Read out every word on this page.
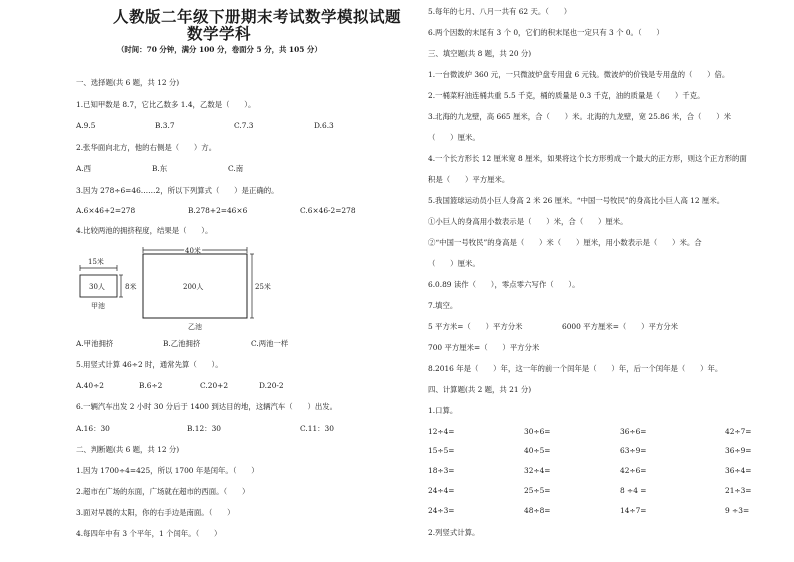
人教版二年级下册期末考试数学模拟试题
数学学科
（时间：70 分钟，满分 100 分，卷面分 5 分，共 105 分）
一、选择题(共 6 题，共 12 分)
1.已知甲数是 8.7，它比乙数多 1.4，乙数是（　　）。
A.9.5	B.3.7	C.7.3	D.6.3
2.张华面向北方，他的右侧是（　　）方。
A.西	B.东	C.南
3.因为 278÷6=46……2，所以下列算式（　　）是正确的。
A.6×46+2=278	B.278+2=46×6	C.6×46-2=278
4.比较两池的拥挤程度，结果是（　　）。
15米
30人	8米
甲池
40米
200人	25米
乙池
A.甲池拥挤	B.乙池拥挤	C.两池一样
5.用竖式计算 46÷2 时，通常先算（　　）。
A.40÷2	B.6÷2	C.20+2	D.20-2
6.一辆汽车出发 2 小时 30 分后于 1400 到达目的地，这辆汽车（　　）出发。
A.16：30	B.12：30	C.11：30
二、判断题(共 6 题，共 12 分)
1.因为 1700÷4=425，所以 1700 年是闰年。（　　）
2.超市在广场的东面，广场就在超市的西面。（　　）
3.面对早晨的太阳，你的右手边是南面。（　　）
4.每四年中有 3 个平年，1 个闰年。（　　）
5.每年的七月、八月一共有 62 天。（　　）
6.两个因数的末尾有 3 个 0，它们的积末尾也一定只有 3 个 0。（　　）
三、填空题(共 8 题，共 20 分)
1.一台微波炉 360 元，一只微波炉盘专用盘 6 元钱。微波炉的价钱是专用盘的（　　）倍。
2.一桶菜籽油连桶共重 5.5 千克，桶的质量是 0.3 千克，油的质量是（　　）千克。
3.北海的九龙壁，高 665 厘米，合（　　）米。北海的九龙壁，宽 25.86 米，合（　　）米
（　　）厘米。
4.一个长方形长 12 厘米宽 8 厘米，如果将这个长方形剪成一个最大的正方形，则这个正方形的面
积是（　　）平方厘米。
5.我国篮球运动员小巨人身高 2 米 26 厘米。“中国一号牧民”的身高比小巨人高 12 厘米。
①小巨人的身高用小数表示是（　　）米，合（　　）厘米。
②“中国一号牧民”的身高是（　　）米（　　）厘米，用小数表示是（　　）米。合
（　　）厘米。
6.0.89 读作（　　），零点零六写作（　　）。
7.填空。
5 平方米=（　　）平方分米	6000 平方厘米=（　　）平方分米
700 平方厘米=（　　）平方分米
8.2016 年是（　　）年，这一年的前一个闰年是（　　）年，后一个闰年是（　　）年。
四、计算题(共 2 题，共 21 分)
1.口算。
12÷4=	30÷6=	36÷6=	42÷7=
15÷5=	40÷5=	63÷9=	36÷9=
18÷3=	32÷4=	42÷6=	36÷4=
24÷4=	25÷5=	8 ÷4 =	21÷3=
24÷3=	48÷8=	14÷7=	9 ÷3=
2.列竖式计算。
